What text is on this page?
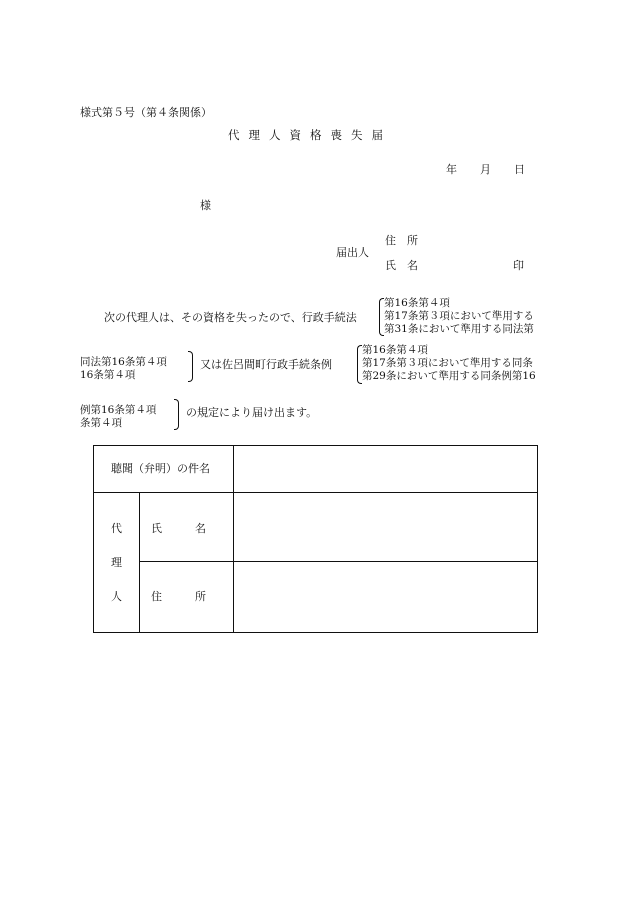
様式第５号（第４条関係）
代理人資格喪失届
年 月 日
様
届出人
住　所
氏　名	印
次の代理人は、その資格を失ったので、行政手続法
第16条第４項
第17条第３項において準用する
第31条において準用する同法第
同法第16条第４項
16条第４項
又は佐呂間町行政手続条例
第16条第４項
第17条第３項において準用する同条
第29条において準用する同条例第16
例第16条第４項
条第４項
の規定により届け出ます。
聴聞（弁明）の件名
代
理
人
氏　　　名
住　　　所
